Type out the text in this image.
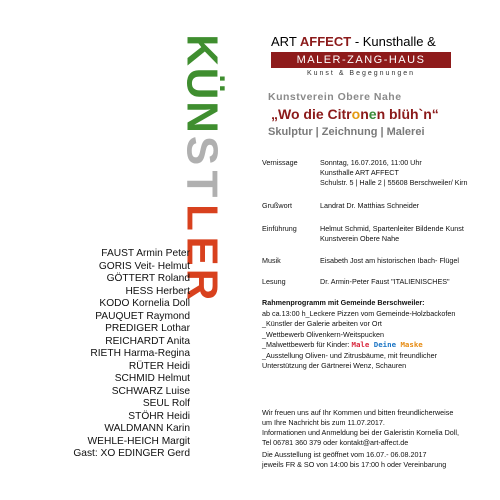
K
Ü
N
S
T
L
E
R
FAUST Armin Peter
GORIS Veit- Helmut
GÖTTERT Roland
HESS Herbert
KODO Kornelia Doll
PAUQUET Raymond
PREDIGER Lothar
REICHARDT Anita
RIETH Harma-Regina
RÜTER Heidi
SCHMID Helmut
SCHWARZ Luise
SEUL Rolf
STÖHR Heidi
WALDMANN Karin
WEHLE-HEICH Margit
Gast: XO EDINGER Gerd
ART AFFECT - Kunsthalle &
MALER-ZANG-HAUS
Kunst & Begegnungen
Kunstverein Obere Nahe
„Wo die Citronen blüh`n“
Skulptur | Zeichnung | Malerei
Vernissage	Sonntag, 16.07.2016, 11:00 Uhr
Kunsthalle ART AFFECT
Schulstr. 5 | Halle 2 | 55608 Berschweiler/ Kirn
Grußwort	Landrat Dr. Matthias Schneider
Einführung	Helmut Schmid, Spartenleiter Bildende Kunst
Kunstverein Obere Nahe
Musik	Eisabeth Jost am historischen Ibach- Flügel
Lesung	Dr. Armin-Peter Faust "ITALIENISCHES"
Rahmenprogramm mit Gemeinde Berschweiler:
ab ca.13:00 h_Leckere Pizzen vom Gemeinde-Holzbackofen
_Künstler der Galerie arbeiten vor Ort
_Wettbewerb Olivenkern-Weitspucken
_Malwettbewerb für Kinder: Male Deine Maske
_Ausstellung Oliven- und Zitrusbäume, mit freundlicher
Unterstützung der Gärtnerei Wenz, Schauren
Wir freuen uns auf Ihr Kommen und bitten freundlicherweise
um Ihre Nachricht bis zum 11.07.2017.
Informationen und Anmeldung bei der Galeristin Kornelia Doll,
Tel 06781 360 379 oder kontakt@art-affect.de
Die Ausstellung ist geöffnet vom 16.07.- 06.08.2017
jeweils FR & SO von 14:00 bis 17:00 h oder Vereinbarung
